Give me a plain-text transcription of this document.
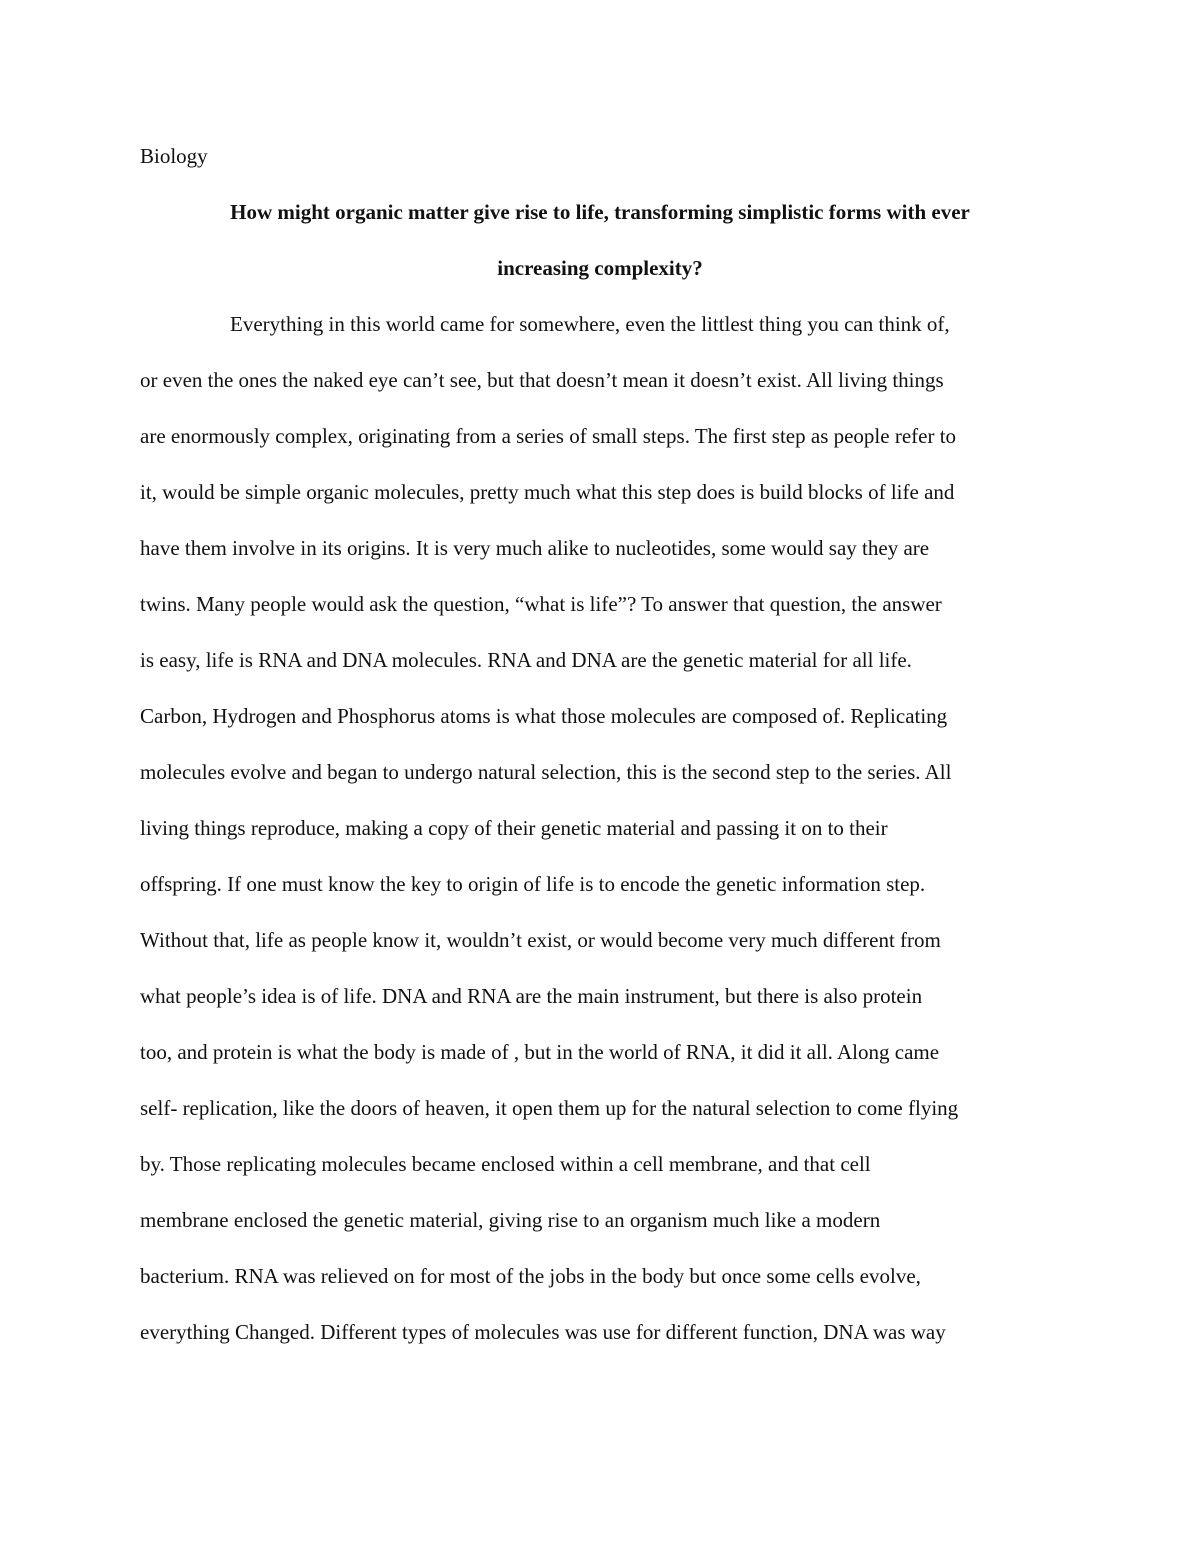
Biology
How might organic matter give rise to life, transforming simplistic forms with ever
increasing complexity?
Everything in this world came for somewhere, even the littlest thing you can think of,
or even the ones the naked eye can’t see, but that doesn’t mean it doesn’t exist. All living things
are enormously complex, originating from a series of small steps. The first step as people refer to
it, would be simple organic molecules, pretty much what this step does is build blocks of life and
have them involve in its origins. It is very much alike to nucleotides, some would say they are
twins. Many people would ask the question, “what is life”? To answer that question, the answer
is easy, life is RNA and DNA molecules. RNA and DNA are the genetic material for all life.
Carbon, Hydrogen and Phosphorus atoms is what those molecules are composed of. Replicating
molecules evolve and began to undergo natural selection, this is the second step to the series. All
living things reproduce, making a copy of their genetic material and passing it on to their
offspring. If one must know the key to origin of life is to encode the genetic information step.
Without that, life as people know it, wouldn’t exist, or would become very much different from
what people’s idea is of life. DNA and RNA are the main instrument, but there is also protein
too, and protein is what the body is made of , but in the world of RNA, it did it all. Along came
self- replication, like the doors of heaven, it open them up for the natural selection to come flying
by. Those replicating molecules became enclosed within a cell membrane, and that cell
membrane enclosed the genetic material, giving rise to an organism much like a modern
bacterium. RNA was relieved on for most of the jobs in the body but once some cells evolve,
everything Changed. Different types of molecules was use for different function, DNA was way
